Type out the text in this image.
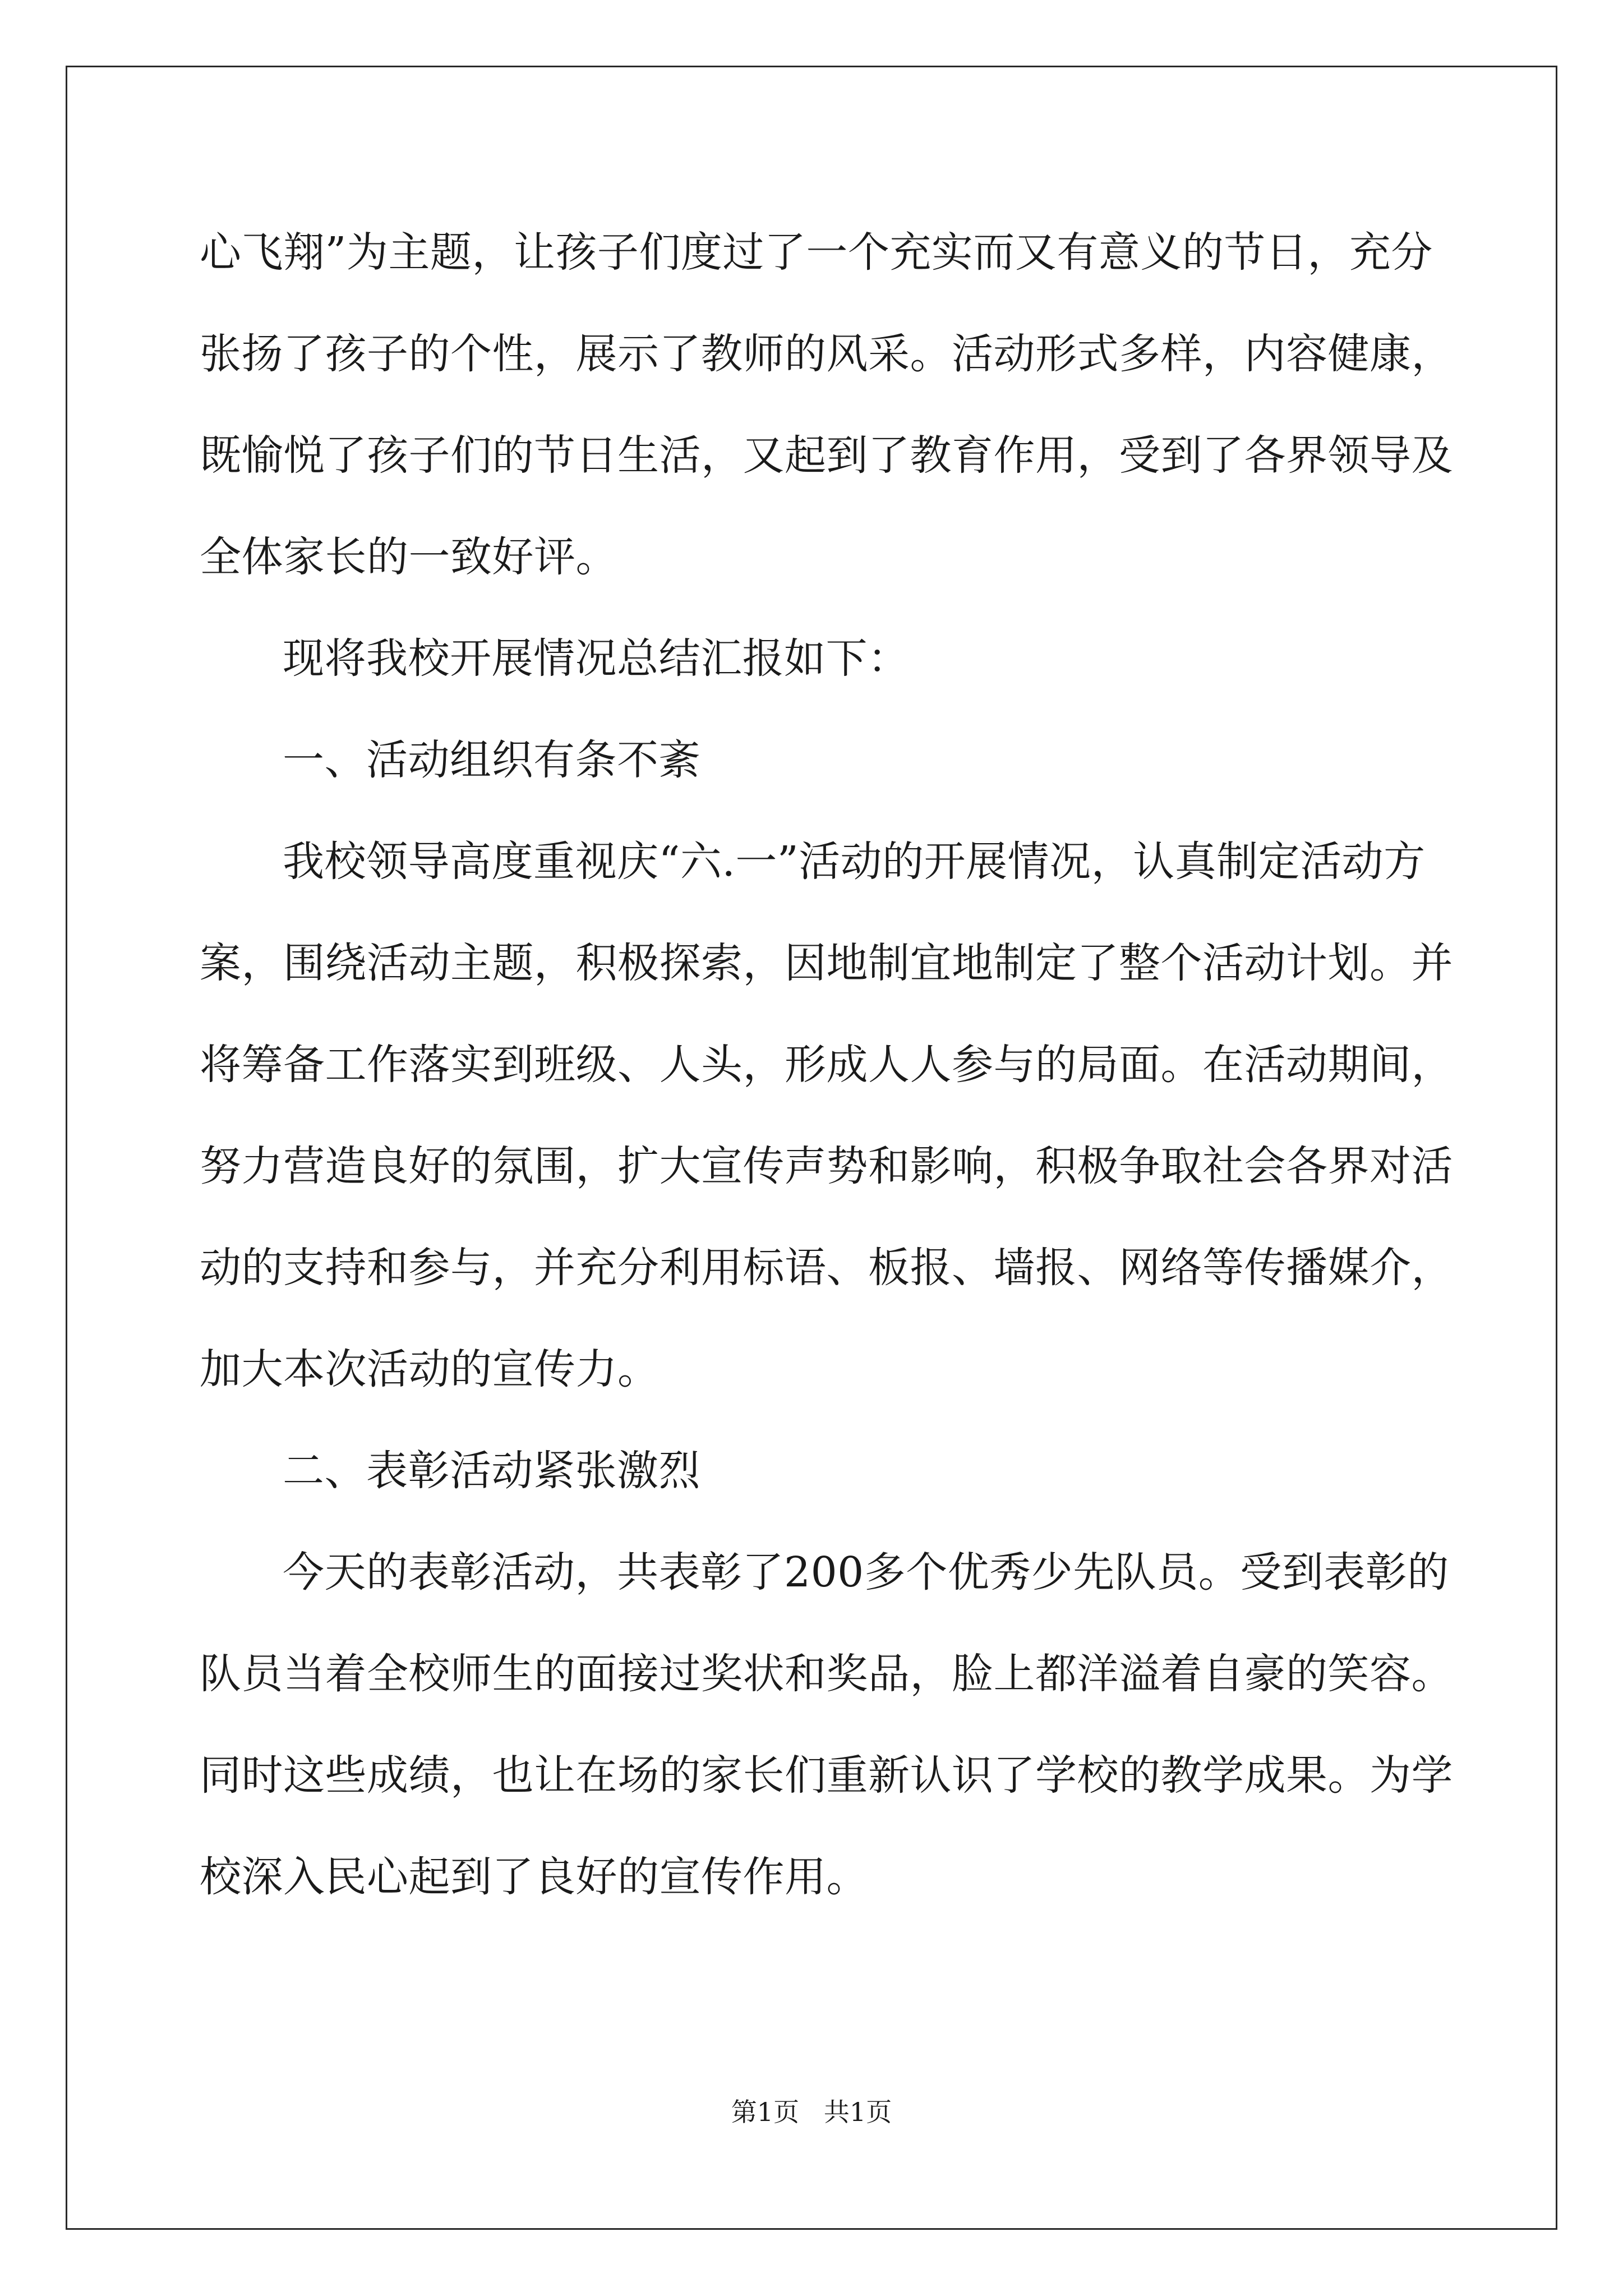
心飞翔”为主题，让孩子们度过了一个充实而又有意义的节日，充分
张扬了孩子的个性，展示了教师的风采。活动形式多样，内容健康，
既愉悦了孩子们的节日生活，又起到了教育作用，受到了各界领导及
全体家长的一致好评。
现将我校开展情况总结汇报如下：
一、活动组织有条不紊
我校领导高度重视庆“六.一”活动的开展情况，认真制定活动方
案，围绕活动主题，积极探索，因地制宜地制定了整个活动计划。并
将筹备工作落实到班级、人头，形成人人参与的局面。在活动期间，
努力营造良好的氛围，扩大宣传声势和影响，积极争取社会各界对活
动的支持和参与，并充分利用标语、板报、墙报、网络等传播媒介，
加大本次活动的宣传力。
二、表彰活动紧张激烈
今天的表彰活动，共表彰了200多个优秀少先队员。受到表彰的
队员当着全校师生的面接过奖状和奖品，脸上都洋溢着自豪的笑容。
同时这些成绩，也让在场的家长们重新认识了学校的教学成果。为学
校深入民心起到了良好的宣传作用。
第1页   共1页
